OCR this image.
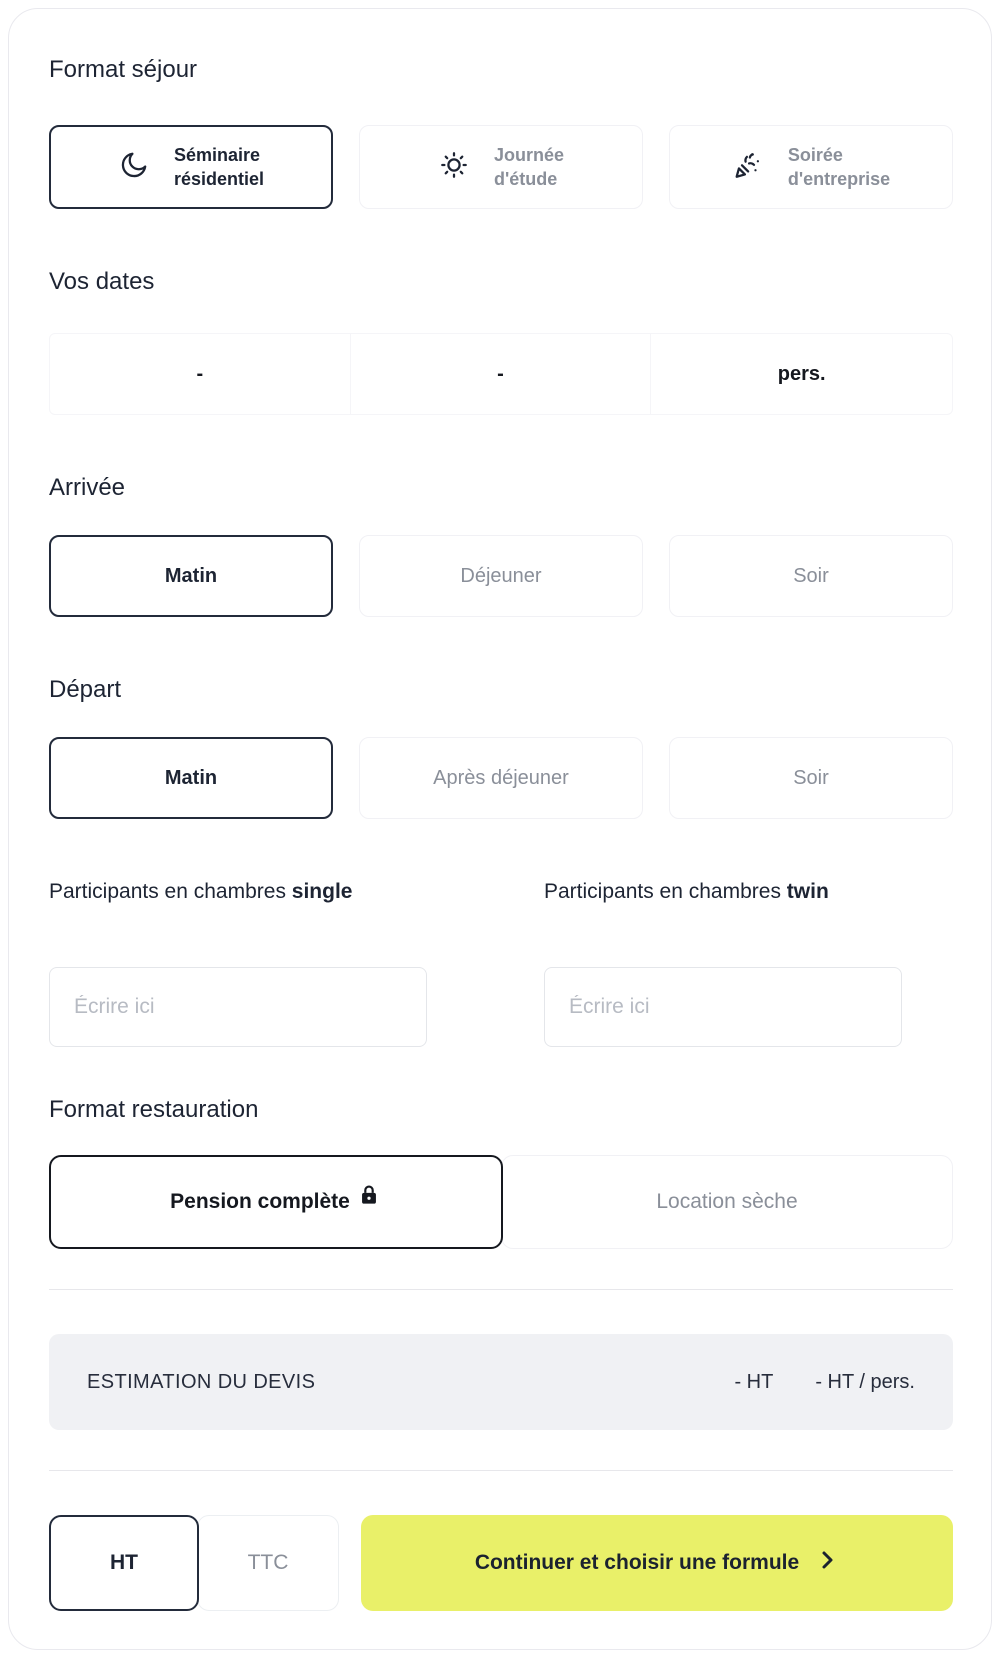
Format séjour
Séminaire
résidentiel
Journée
d'étude
Soirée
d'entreprise
Vos dates
-	-	pers.
Arrivée
Matin	Déjeuner	Soir
Départ
Matin	Après déjeuner	Soir
Participants en chambres single	Participants en chambres twin
Écrire ici
Écrire ici
Format restauration
Pension complète	Location sèche
ESTIMATION DU DEVIS	- HT - HT / pers.
HT	TTC	Continuer et choisir une formule
